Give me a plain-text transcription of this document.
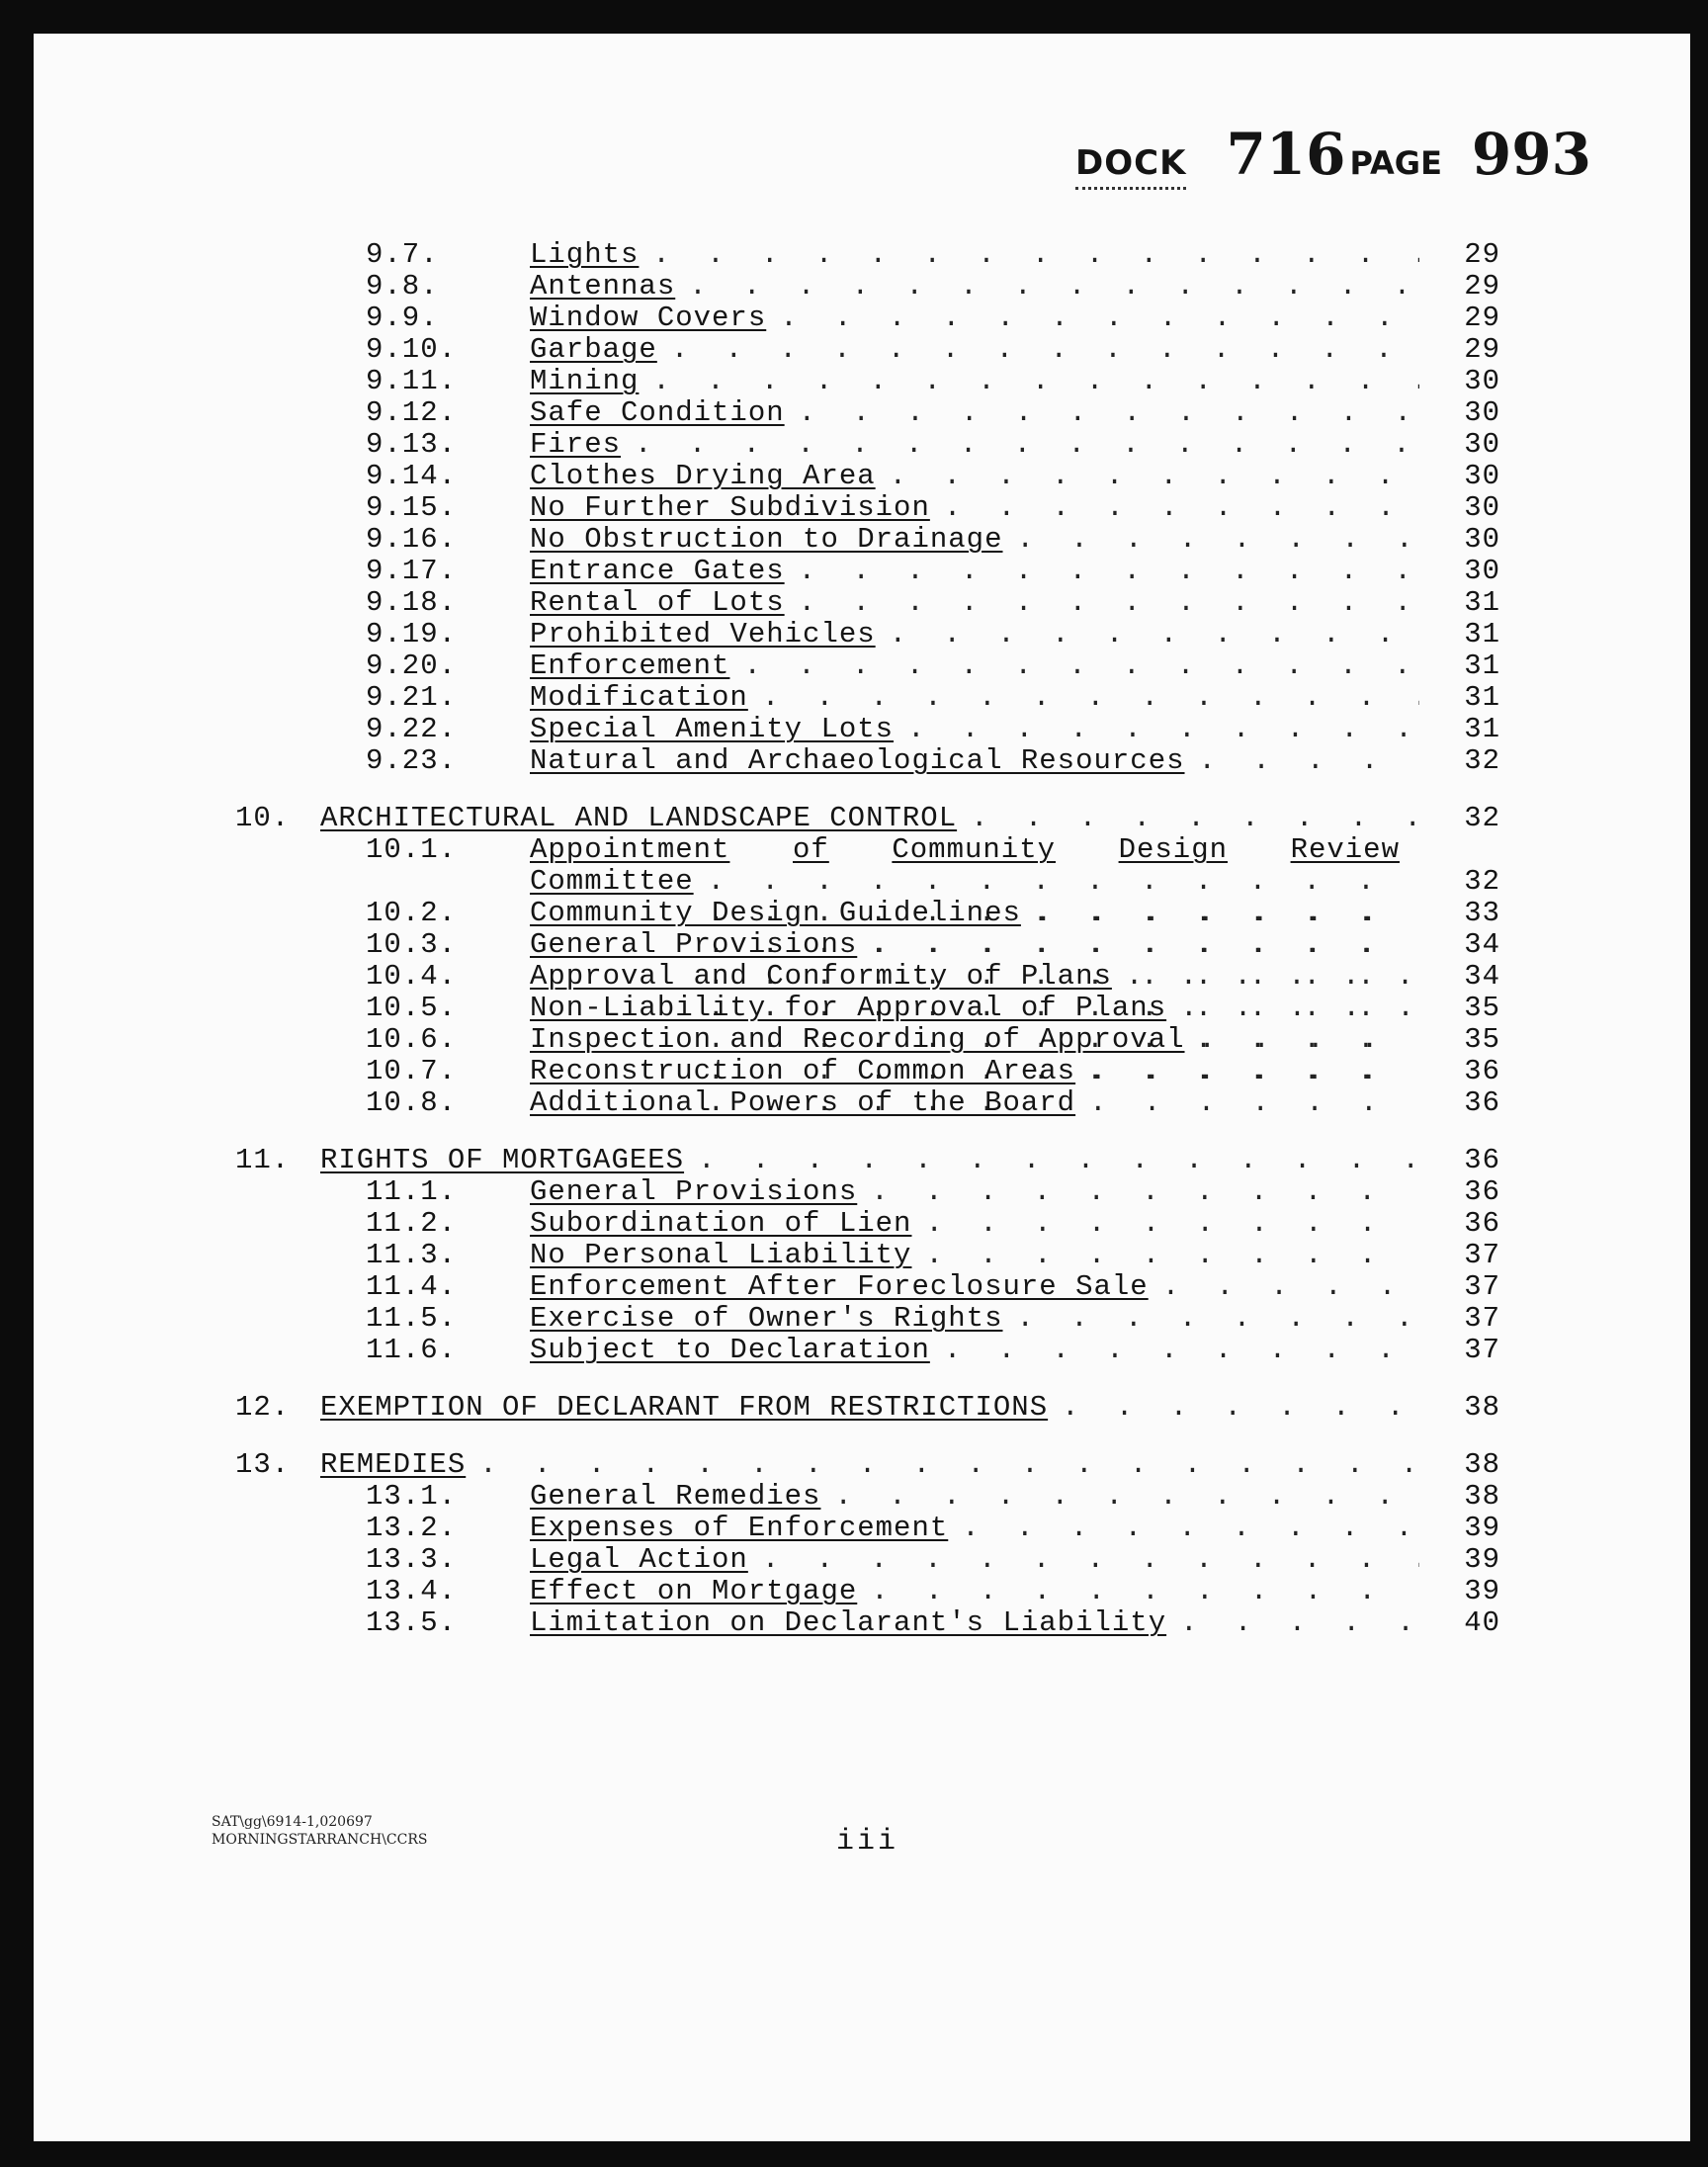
DOCK 716 PAGE 993
9.7.	Lights . . .	29
9.8.	Antennas . . .	29
9.9.	Window Covers . . .	29
9.10.	Garbage . . .	29
9.11.	Mining . . .	30
9.12.	Safe Condition . . .	30
9.13.	Fires . . .	30
9.14.	Clothes Drying Area . . .	30
9.15.	No Further Subdivision . . .	30
9.16.	No Obstruction to Drainage . . .	30
9.17.	Entrance Gates . . .	30
9.18.	Rental of Lots . . .	31
9.19.	Prohibited Vehicles . . .	31
9.20.	Enforcement . . .	31
9.21.	Modification . . .	31
9.22.	Special Amenity Lots . . .	31
9.23.	Natural and Archaeological Resources . . .	32
10. ARCHITECTURAL AND LANDSCAPE CONTROL . . .	32
10.1.	Appointment of Community Design Review
Committee . . .	32
10.2.	Community Design Guidelines . . .	33
10.3.	General Provisions . . .	34
10.4.	Approval and Conformity of Plans . . .	34
10.5.	Non-Liability for Approval of Plans . . .	35
10.6.	Inspection and Recording of Approval . . .	35
10.7.	Reconstruction of Common Areas . . .	36
10.8.	Additional Powers of the Board . . .	36
11. RIGHTS OF MORTGAGEES . . .	36
11.1.	General Provisions . . .	36
11.2.	Subordination of Lien . . .	36
11.3.	No Personal Liability . . .	37
11.4.	Enforcement After Foreclosure Sale . . .	37
11.5.	Exercise of Owner's Rights . . .	37
11.6.	Subject to Declaration . . .	37
12. EXEMPTION OF DECLARANT FROM RESTRICTIONS . . .	38
13. REMEDIES . . .	38
13.1.	General Remedies . . .	38
13.2.	Expenses of Enforcement . . .	39
13.3.	Legal Action . . .	39
13.4.	Effect on Mortgage . . .	39
13.5.	Limitation on Declarant's Liability . . .	40
SAT\gg\6914-1,020697
MORNINGSTARRANCH\CCRS	iii
